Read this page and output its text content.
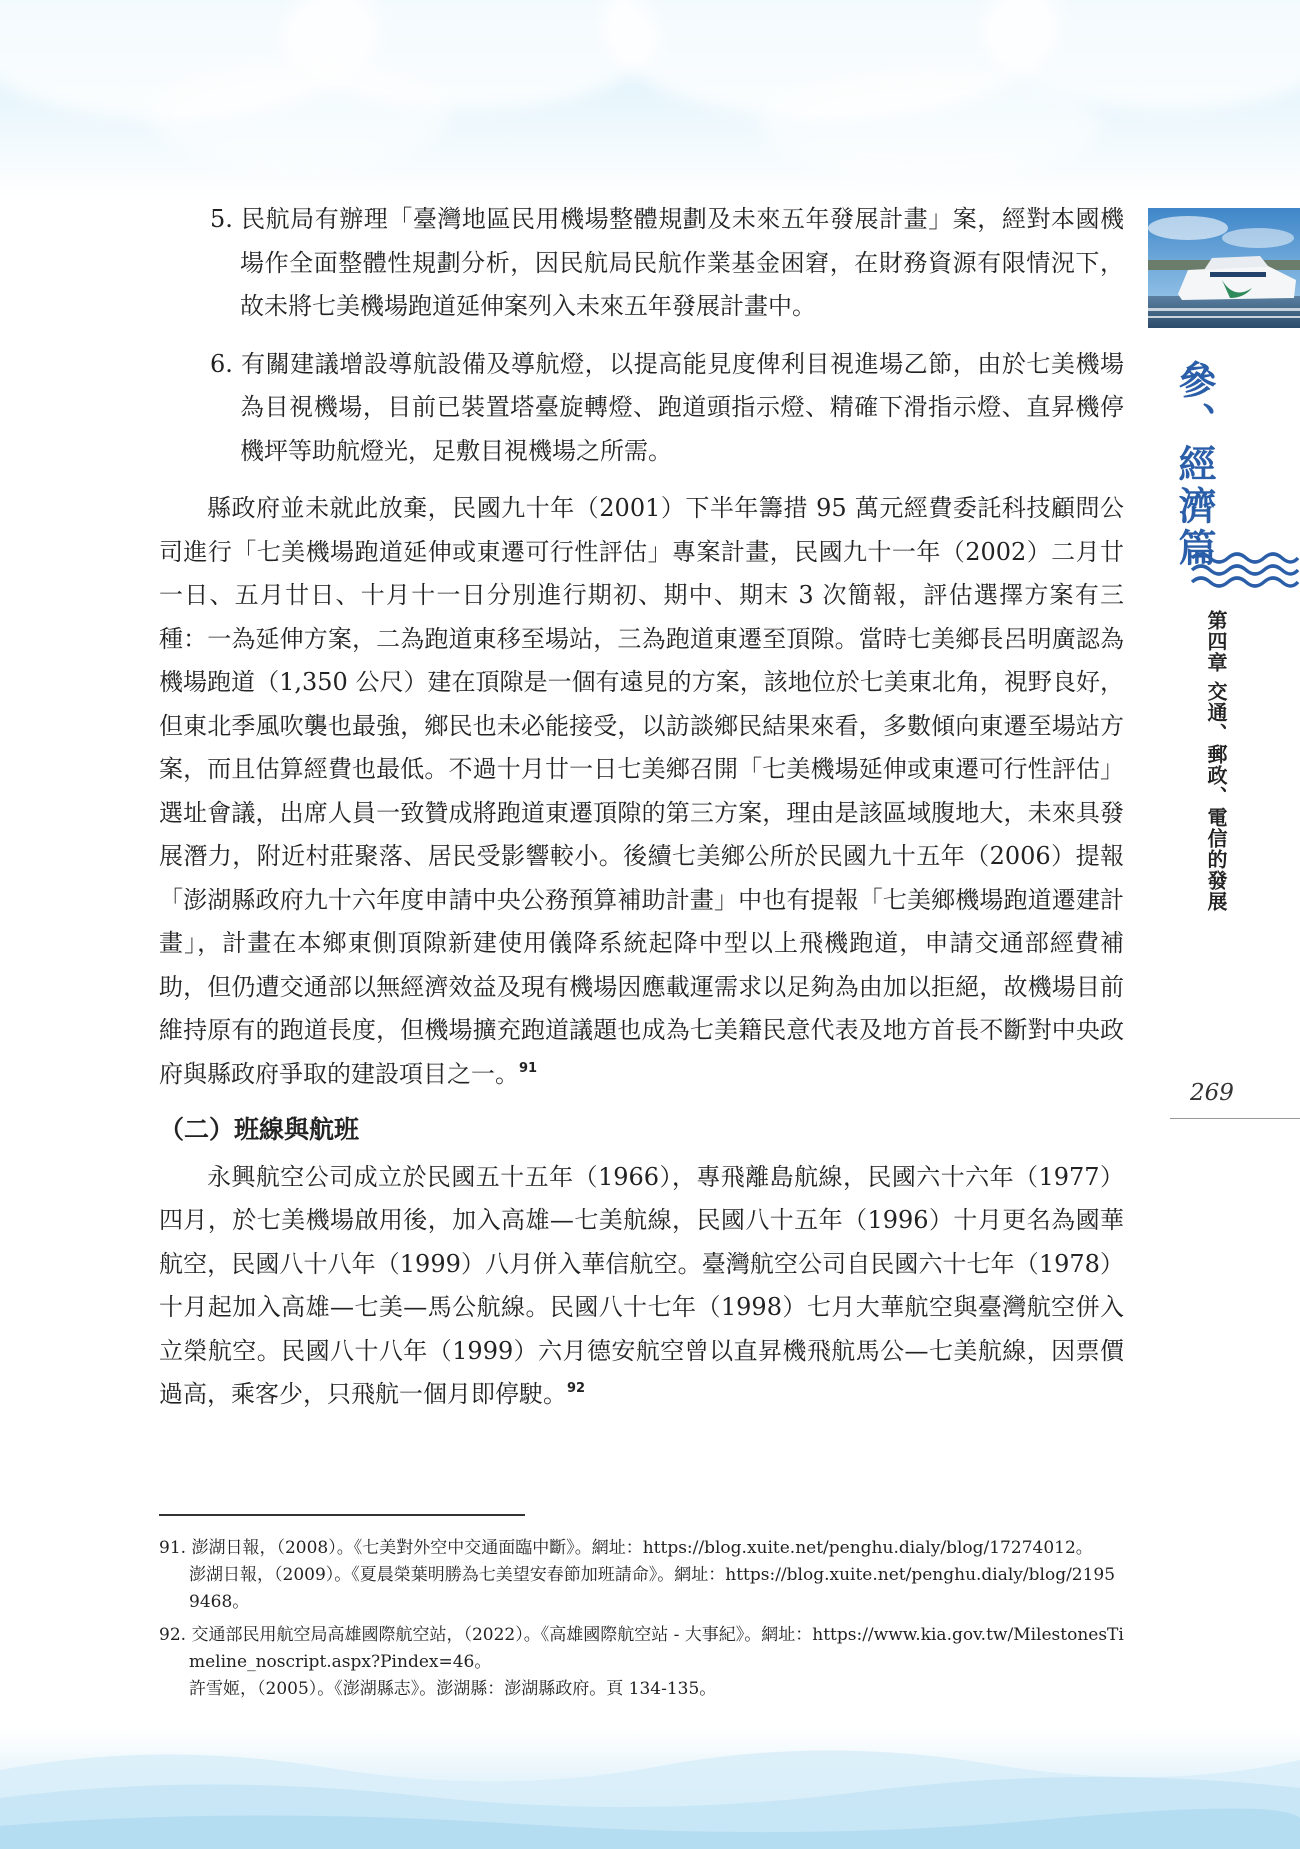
參、經濟篇
第四章 交通、郵政、電信的發展
269

5. 民航局有辦理「臺灣地區民用機場整體規劃及未來五年發展計畫」案，經對本國機場作全面整體性規劃分析，因民航局民航作業基金困窘，在財務資源有限情況下，故未將七美機場跑道延伸案列入未來五年發展計畫中。

6. 有關建議增設導航設備及導航燈，以提高能見度俾利目視進場乙節，由於七美機場為目視機場，目前已裝置塔臺旋轉燈、跑道頭指示燈、精確下滑指示燈、直昇機停機坪等助航燈光，足敷目視機場之所需。

縣政府並未就此放棄，民國九十年（2001）下半年籌措 95 萬元經費委託科技顧問公司進行「七美機場跑道延伸或東遷可行性評估」專案計畫，民國九十一年（2002）二月廿一日、五月廿日、十月十一日分別進行期初、期中、期末 3 次簡報，評估選擇方案有三種：一為延伸方案，二為跑道東移至場站，三為跑道東遷至頂隙。當時七美鄉長呂明廣認為機場跑道（1,350 公尺）建在頂隙是一個有遠見的方案，該地位於七美東北角，視野良好，但東北季風吹襲也最強，鄉民也未必能接受，以訪談鄉民結果來看，多數傾向東遷至場站方案，而且估算經費也最低。不過十月廿一日七美鄉召開「七美機場延伸或東遷可行性評估」選址會議，出席人員一致贊成將跑道東遷頂隙的第三方案，理由是該區域腹地大，未來具發展潛力，附近村莊聚落、居民受影響較小。後續七美鄉公所於民國九十五年（2006）提報「澎湖縣政府九十六年度申請中央公務預算補助計畫」中也有提報「七美鄉機場跑道遷建計畫」，計畫在本鄉東側頂隙新建使用儀降系統起降中型以上飛機跑道，申請交通部經費補助，但仍遭交通部以無經濟效益及現有機場因應載運需求以足夠為由加以拒絕，故機場目前維持原有的跑道長度，但機場擴充跑道議題也成為七美籍民意代表及地方首長不斷對中央政府與縣政府爭取的建設項目之一。$^{91}$

（二）班線與航班

永興航空公司成立於民國五十五年（1966），專飛離島航線，民國六十六年（1977）四月，於七美機場啟用後，加入高雄—七美航線，民國八十五年（1996）十月更名為國華航空，民國八十八年（1999）八月併入華信航空。臺灣航空公司自民國六十七年（1978）十月起加入高雄—七美—馬公航線。民國八十七年（1998）七月大華航空與臺灣航空併入立榮航空。民國八十八年（1999）六月德安航空曾以直昇機飛航馬公—七美航線，因票價過高，乘客少，只飛航一個月即停駛。$^{92}$

91. 澎湖日報，（2008）。《七美對外空中交通面臨中斷》。網址：https://blog.xuite.net/penghu.dialy/blog/17274012。
澎湖日報，（2009）。《夏晨榮葉明勝為七美望安春節加班請命》。網址：https://blog.xuite.net/penghu.dialy/blog/21959468。

92. 交通部民用航空局高雄國際航空站，（2022）。《高雄國際航空站 - 大事紀》。網址：https://www.kia.gov.tw/MilestonesTimeline_noscript.aspx?Pindex=46。
許雪姬，（2005）。《澎湖縣志》。澎湖縣：澎湖縣政府。頁 134-135。
